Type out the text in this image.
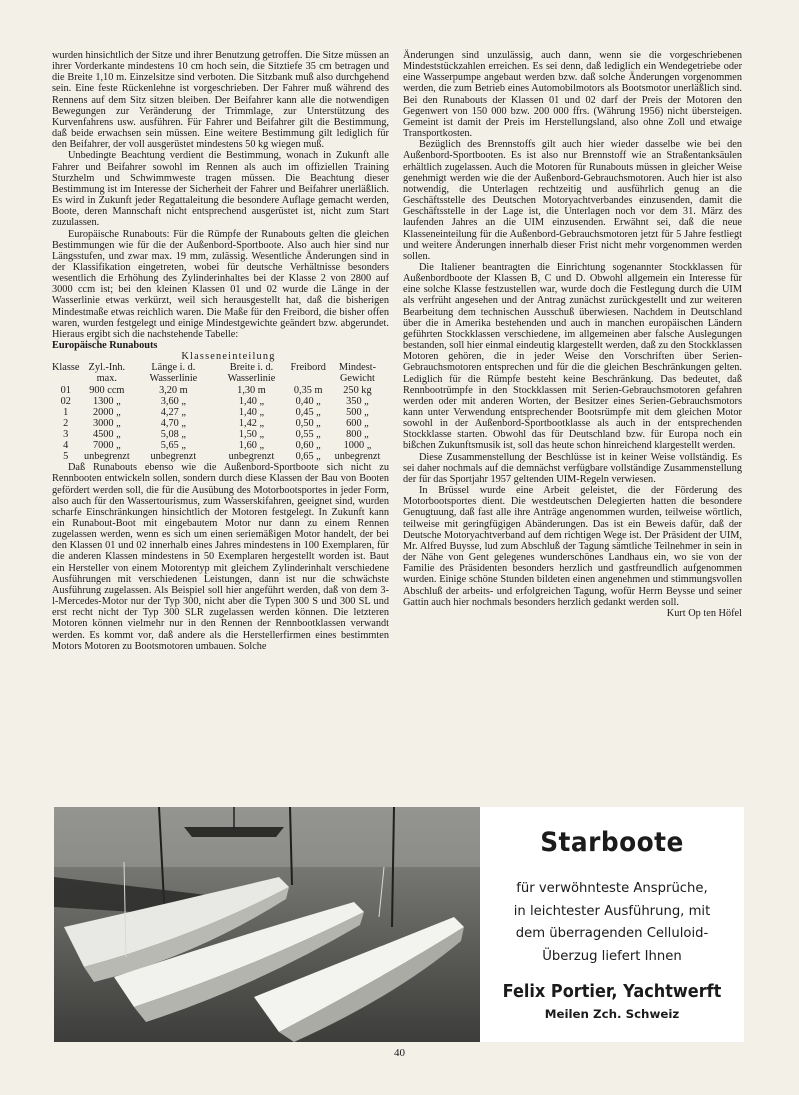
wurden hinsichtlich der Sitze und ihrer Benutzung getroffen. Die Sitze müssen an ihrer Vorderkante mindestens 10 cm hoch sein, die Sitztiefe 35 cm betragen und die Breite 1,10 m. Einzelsitze sind verboten. Die Sitzbank muß also durchgehend sein. Eine feste Rückenlehne ist vorgeschrieben. Der Fahrer muß während des Rennens auf dem Sitz sitzen bleiben. Der Beifahrer kann alle die notwendigen Bewegungen zur Veränderung der Trimmlage, zur Unterstützung des Kurvenfahrens usw. ausführen. Für Fahrer und Beifahrer gilt die Bestimmung, daß beide erwachsen sein müssen. Eine weitere Bestimmung gilt lediglich für den Beifahrer, der voll ausgerüstet mindestens 50 kg wiegen muß.

Unbedingte Beachtung verdient die Bestimmung, wonach in Zukunft alle Fahrer und Beifahrer sowohl im Rennen als auch im offiziellen Training Sturzhelm und Schwimmweste tragen müssen. Die Beachtung dieser Bestimmung ist im Interesse der Sicherheit der Fahrer und Beifahrer unerläßlich. Es wird in Zukunft jeder Regattaleitung die besondere Auflage gemacht werden, Boote, deren Mannschaft nicht entsprechend ausgerüstet ist, nicht zum Start zuzulassen.

Europäische Runabouts: Für die Rümpfe der Runabouts gelten die gleichen Bestimmungen wie für die der Außenbord-Sportboote. Also auch hier sind nur Längsstufen, und zwar max. 19 mm, zulässig. Wesentliche Änderungen sind in der Klassifikation eingetreten, wobei für deutsche Verhältnisse besonders wesentlich die Erhöhung des Zylinderinhaltes bei der Klasse 2 von 2800 auf 3000 ccm ist; bei den kleinen Klassen 01 und 02 wurde die Länge in der Wasserlinie etwas verkürzt, weil sich herausgestellt hat, daß die bisherigen Mindestmaße etwas reichlich waren. Die Maße für den Freibord, die bisher offen waren, wurden festgelegt und einige Mindestgewichte geändert bzw. abgerundet. Hieraus ergibt sich die nachstehende Tabelle:

Europäische Runabouts

Klasseneinteilung

Klasse	Zyl.-Inh. max.	Länge i. d. Wasserlinie	Breite i. d. Wasserlinie	Freibord	Mindest-Gewicht
01	900 ccm	3,20 m	1,30 m	0,35 m	250 kg
02	1300 „	3,60 „	1,40 „	0,40 „	350 „
1	2000 „	4,27 „	1,40 „	0,45 „	500 „
2	3000 „	4,70 „	1,42 „	0,50 „	600 „
3	4500 „	5,08 „	1,50 „	0,55 „	800 „
4	7000 „	5,65 „	1,60 „	0,60 „	1000 „
5	unbegrenzt	unbegrenzt	unbegrenzt	0,65 „	unbegrenzt

Daß Runabouts ebenso wie die Außenbord-Sportboote sich nicht zu Rennbooten entwickeln sollen, sondern durch diese Klassen der Bau von Booten gefördert werden soll, die für die Ausübung des Motorbootsportes in jeder Form, also auch für den Wassertourismus, zum Wasserskifahren, geeignet sind, wurden scharfe Einschränkungen hinsichtlich der Motoren festgelegt. In Zukunft kann ein Runabout-Boot mit eingebautem Motor nur dann zu einem Rennen zugelassen werden, wenn es sich um einen seriemäßigen Motor handelt, der bei den Klassen 01 und 02 innerhalb eines Jahres mindestens in 100 Exemplaren, für die anderen Klassen mindestens in 50 Exemplaren hergestellt worden ist. Baut ein Hersteller von einem Motorentyp mit gleichem Zylinderinhalt verschiedene Ausführungen mit verschiedenen Leistungen, dann ist nur die schwächste Ausführung zugelassen. Als Beispiel soll hier angeführt werden, daß von dem 3-l-Mercedes-Motor nur der Typ 300, nicht aber die Typen 300 S und 300 SL und erst recht nicht der Typ 300 SLR zugelassen werden können. Die letzteren Motoren können vielmehr nur in den Rennen der Rennbootklassen verwandt werden. Es kommt vor, daß andere als die Herstellerfirmen eines bestimmten Motors Motoren zu Bootsmotoren umbauen. Solche

Änderungen sind unzulässig, auch dann, wenn sie die vorgeschriebenen Mindeststückzahlen erreichen. Es sei denn, daß lediglich ein Wendegetriebe oder eine Wasserpumpe angebaut werden bzw. daß solche Änderungen vorgenommen werden, die zum Betrieb eines Automobilmotors als Bootsmotor unerläßlich sind. Bei den Runabouts der Klassen 01 und 02 darf der Preis der Motoren den Gegenwert von 150 000 bzw. 200 000 ffrs. (Währung 1956) nicht übersteigen. Gemeint ist damit der Preis im Herstellungsland, also ohne Zoll und etwaige Transportkosten.

Bezüglich des Brennstoffs gilt auch hier wieder dasselbe wie bei den Außenbord-Sportbooten. Es ist also nur Brennstoff wie an Straßentanksäulen erhältlich zugelassen. Auch die Motoren für Runabouts müssen in gleicher Weise genehmigt werden wie die der Außenbord-Gebrauchsmotoren. Auch hier ist also notwendig, die Unterlagen rechtzeitig und ausführlich genug an die Geschäftsstelle des Deutschen Motoryachtverbandes einzusenden, damit die Geschäftsstelle in der Lage ist, die Unterlagen noch vor dem 31. März des laufenden Jahres an die UIM einzusenden. Erwähnt sei, daß die neue Klasseneinteilung für die Außenbord-Gebrauchsmotoren jetzt für 5 Jahre festliegt und weitere Änderungen innerhalb dieser Frist nicht mehr vorgenommen werden sollen.

Die Italiener beantragten die Einrichtung sogenannter Stockklassen für Außenbordboote der Klassen B, C und D. Obwohl allgemein ein Interesse für eine solche Klasse festzustellen war, wurde doch die Festlegung durch die UIM als verfrüht angesehen und der Antrag zunächst zurückgestellt und zur weiteren Bearbeitung dem technischen Ausschuß überwiesen. Nachdem in Deutschland über die in Amerika bestehenden und auch in manchen europäischen Ländern geführten Stockklassen verschiedene, im allgemeinen aber falsche Auslegungen bestanden, soll hier einmal eindeutig klargestellt werden, daß zu den Stockklassen Motoren gehören, die in jeder Weise den Vorschriften über Serien-Gebrauchsmotoren entsprechen und für die die gleichen Beschränkungen gelten. Lediglich für die Rümpfe besteht keine Beschränkung. Das bedeutet, daß Rennbootrümpfe in den Stockklassen mit Serien-Gebrauchsmotoren gefahren werden oder mit anderen Worten, der Besitzer eines Serien-Gebrauchsmotors kann unter Verwendung entsprechender Bootsrümpfe mit dem gleichen Motor sowohl in der Außenbord-Sportbootklasse als auch in der entsprechenden Stockklasse starten. Obwohl das für Deutschland bzw. für Europa noch ein bißchen Zukunftsmusik ist, soll das heute schon hinreichend klargestellt werden.

Diese Zusammenstellung der Beschlüsse ist in keiner Weise vollständig. Es sei daher nochmals auf die demnächst verfügbare vollständige Zusammenstellung der für das Sportjahr 1957 geltenden UIM-Regeln verwiesen.

In Brüssel wurde eine Arbeit geleistet, die der Förderung des Motorbootsportes dient. Die westdeutschen Delegierten hatten die besondere Genugtuung, daß fast alle ihre Anträge angenommen wurden, teilweise wörtlich, teilweise mit geringfügigen Abänderungen. Das ist ein Beweis dafür, daß der Deutsche Motoryachtverband auf dem richtigen Wege ist. Der Präsident der UIM, Mr. Alfred Buysse, lud zum Abschluß der Tagung sämtliche Teilnehmer in sein in der Nähe von Gent gelegenes wunderschönes Landhaus ein, wo sie von der Familie des Präsidenten besonders herzlich und gastfreundlich aufgenommen wurden. Einige schöne Stunden bildeten einen angenehmen und stimmungsvollen Abschluß der arbeits- und erfolgreichen Tagung, wofür Herrn Beysse und seiner Gattin auch hier nochmals besonders herzlich gedankt werden soll.

Kurt Op ten Höfel

Starboote
für verwöhnteste Ansprüche,
in leichtester Ausführung, mit
dem überragenden Celluloid-
Überzug liefert Ihnen
Felix Portier, Yachtwerft
Meilen Zch. Schweiz
40
